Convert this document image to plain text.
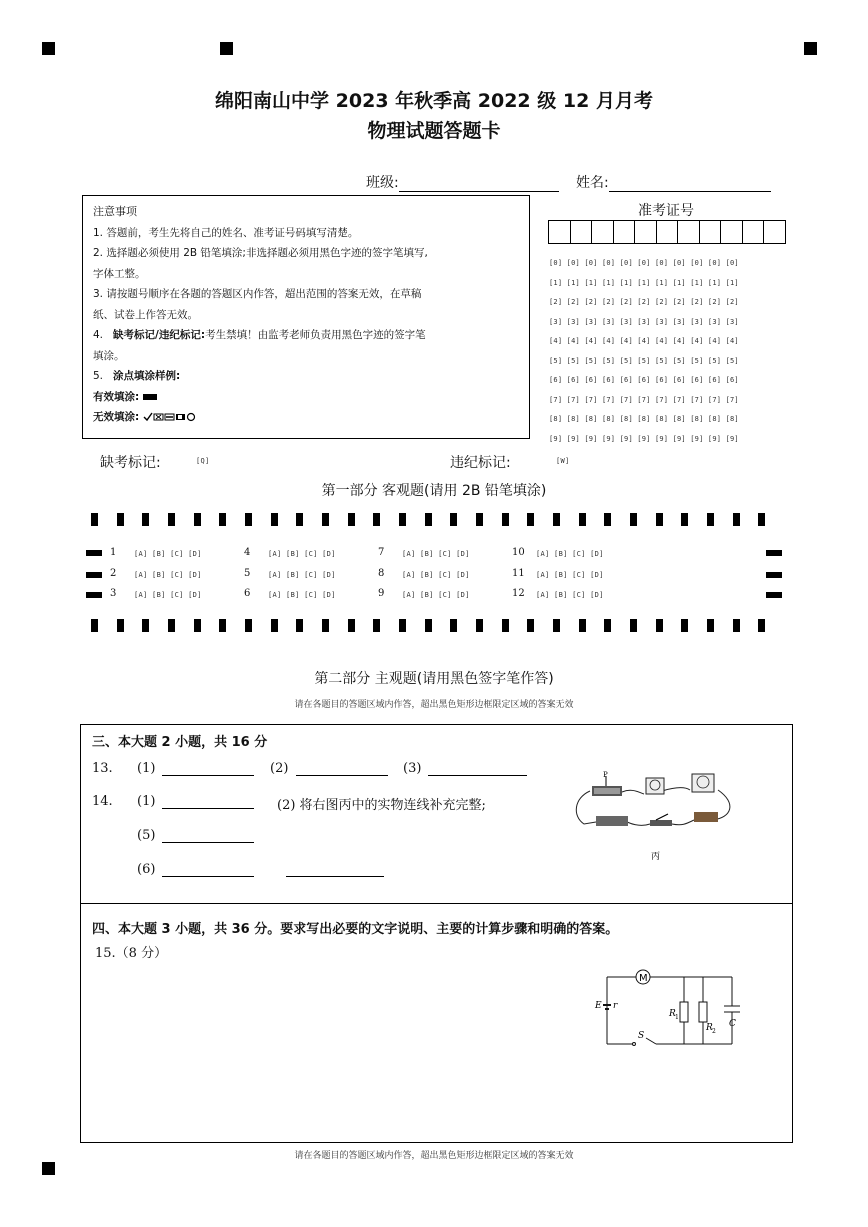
绵阳南山中学 2023 年秋季高 2022 级 12 月月考
物理试题答题卡
班级:	姓名:
注意事项
1. 答题前，考生先将自己的姓名、准考证号码填写清楚。
2. 选择题必须使用 2B 铅笔填涂;非选择题必须用黑色字迹的签字笔填写,
字体工整。
3. 请按题号顺序在各题的答题区内作答，超出范围的答案无效，在草稿
纸、试卷上作答无效。
4. 缺考标记/违纪标记:考生禁填！由监考老师负责用黑色字迹的签字笔
填涂。
5. 涂点填涂样例:
有效填涂:
无效填涂:
准考证号
[0] [0] [0] [0] [0] [0] [0] [0] [0] [0] [0]
[1] [1] [1] [1] [1] [1] [1] [1] [1] [1] [1]
[2] [2] [2] [2] [2] [2] [2] [2] [2] [2] [2]
[3] [3] [3] [3] [3] [3] [3] [3] [3] [3] [3]
[4] [4] [4] [4] [4] [4] [4] [4] [4] [4] [4]
[5] [5] [5] [5] [5] [5] [5] [5] [5] [5] [5]
[6] [6] [6] [6] [6] [6] [6] [6] [6] [6] [6]
[7] [7] [7] [7] [7] [7] [7] [7] [7] [7] [7]
[8] [8] [8] [8] [8] [8] [8] [8] [8] [8] [8]
[9] [9] [9] [9] [9] [9] [9] [9] [9] [9] [9]
缺考标记:	[Q]	违纪标记:	[W]
第一部分 客观题(请用 2B 铅笔填涂)
1	[A] [B] [C] [D]
2	[A] [B] [C] [D]
3	[A] [B] [C] [D]
4	[A] [B] [C] [D]
5	[A] [B] [C] [D]
6	[A] [B] [C] [D]
7	[A] [B] [C] [D]
8	[A] [B] [C] [D]
9	[A] [B] [C] [D]
10 [A] [B] [C] [D]
11 [A] [B] [C] [D]
12 [A] [B] [C] [D]
第二部分 主观题(请用黑色签字笔作答)
请在各题目的答题区域内作答，超出黑色矩形边框限定区域的答案无效
三、本大题 2 小题，共 16 分
13. (1)	(2)	(3)
14. (1)	(2) 将右图丙中的实物连线补充完整;
(5)
(6)
P
丙
四、本大题 3 小题，共 36 分。要求写出必要的文字说明、主要的计算步骤和明确的答案。
15.（8 分）
M
E r
S
R 1
R 2
C
请在各题目的答题区域内作答，超出黑色矩形边框限定区域的答案无效
